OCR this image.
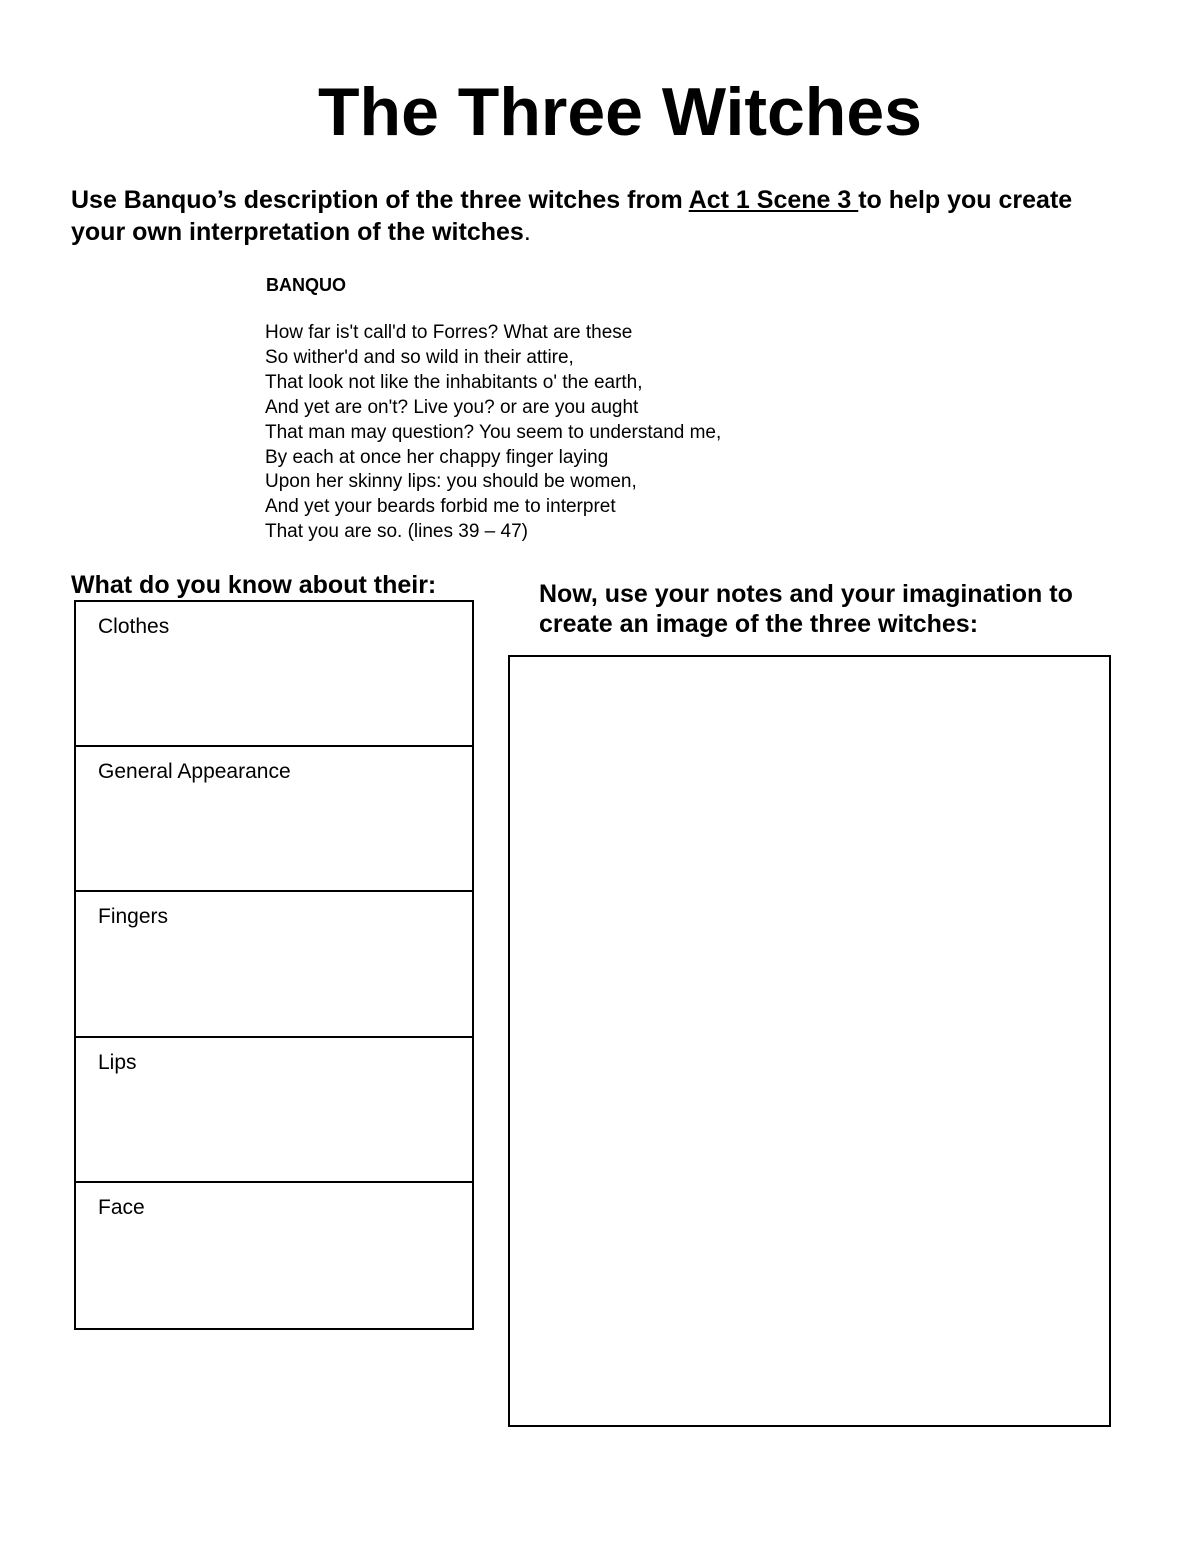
The Three Witches
Use Banquo’s description of the three witches from Act 1 Scene 3 to help you create your own interpretation of the witches.
BANQUO
How far is't call'd to Forres? What are these
So wither'd and so wild in their attire,
That look not like the inhabitants o' the earth,
And yet are on't? Live you? or are you aught
That man may question? You seem to understand me,
By each at once her chappy finger laying
Upon her skinny lips: you should be women,
And yet your beards forbid me to interpret
That you are so. (lines 39 – 47)
What do you know about their:
Clothes
General Appearance
Fingers
Lips
Face
Now, use your notes and your imagination to create an image of the three witches:
